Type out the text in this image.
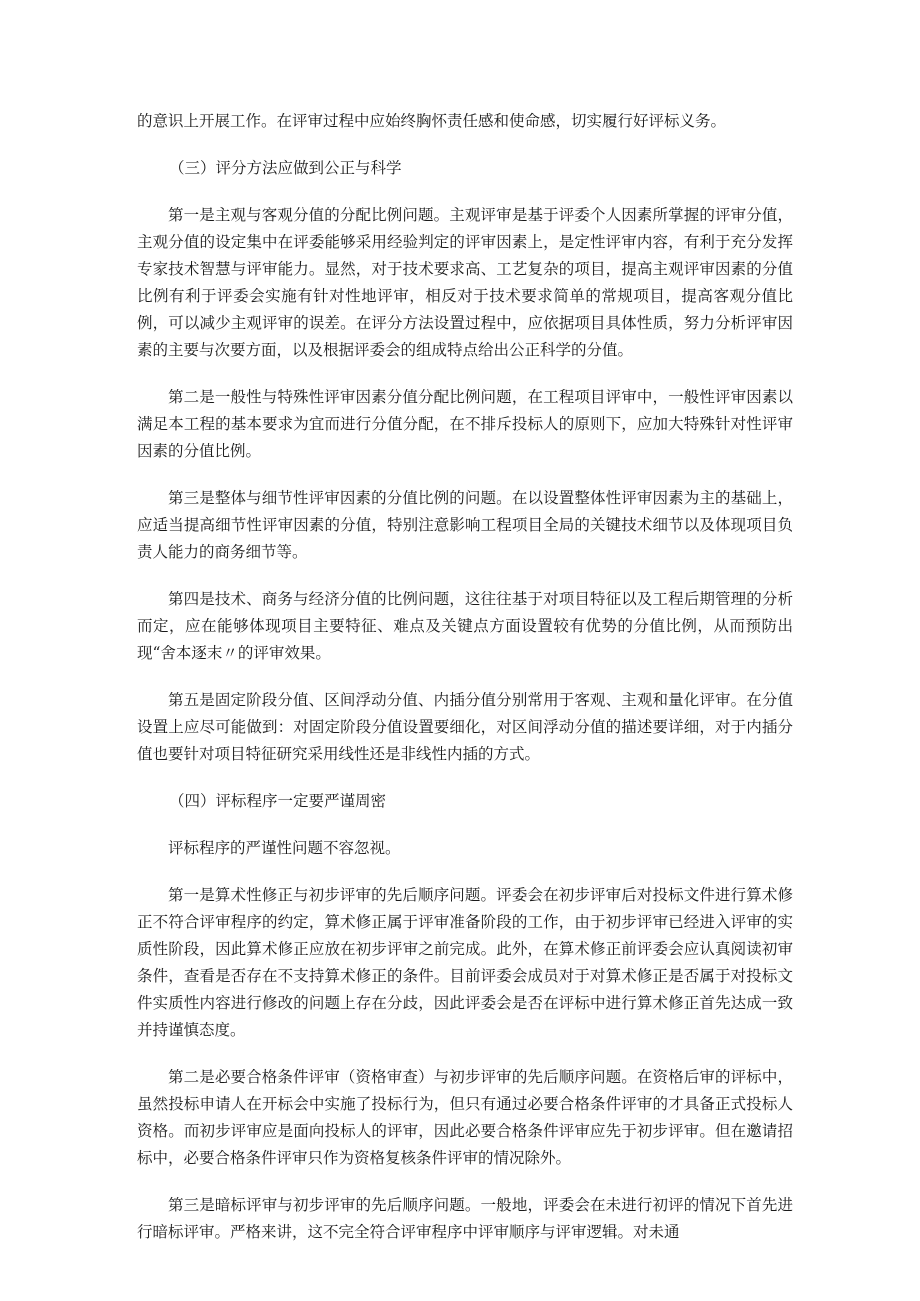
的意识上开展工作。在评审过程中应始终胸怀责任感和使命感，切实履行好评标义务。

（三）评分方法应做到公正与科学

第一是主观与客观分值的分配比例问题。主观评审是基于评委个人因素所掌握的评审分值，主观分值的设定集中在评委能够采用经验判定的评审因素上，是定性评审内容，有利于充分发挥专家技术智慧与评审能力。显然，对于技术要求高、工艺复杂的项目，提高主观评审因素的分值比例有利于评委会实施有针对性地评审，相反对于技术要求简单的常规项目，提高客观分值比例，可以减少主观评审的误差。在评分方法设置过程中，应依据项目具体性质，努力分析评审因素的主要与次要方面，以及根据评委会的组成特点给出公正科学的分值。

第二是一般性与特殊性评审因素分值分配比例问题，在工程项目评审中，一般性评审因素以满足本工程的基本要求为宜而进行分值分配，在不排斥投标人的原则下，应加大特殊针对性评审因素的分值比例。

第三是整体与细节性评审因素的分值比例的问题。在以设置整体性评审因素为主的基础上，应适当提高细节性评审因素的分值，特别注意影响工程项目全局的关键技术细节以及体现项目负责人能力的商务细节等。

第四是技术、商务与经济分值的比例问题，这往往基于对项目特征以及工程后期管理的分析而定，应在能够体现项目主要特征、难点及关键点方面设置较有优势的分值比例，从而预防出现“舍本逐末〃的评审效果。

第五是固定阶段分值、区间浮动分值、内插分值分别常用于客观、主观和量化评审。在分值设置上应尽可能做到：对固定阶段分值设置要细化，对区间浮动分值的描述要详细，对于内插分值也要针对项目特征研究采用线性还是非线性内插的方式。

（四）评标程序一定要严谨周密

评标程序的严谨性问题不容忽视。

第一是算术性修正与初步评审的先后顺序问题。评委会在初步评审后对投标文件进行算术修正不符合评审程序的约定，算术修正属于评审准备阶段的工作，由于初步评审已经进入评审的实质性阶段，因此算术修正应放在初步评审之前完成。此外，在算术修正前评委会应认真阅读初审条件，查看是否存在不支持算术修正的条件。目前评委会成员对于对算术修正是否属于对投标文件实质性内容进行修改的问题上存在分歧，因此评委会是否在评标中进行算术修正首先达成一致并持谨慎态度。

第二是必要合格条件评审（资格审查）与初步评审的先后顺序问题。在资格后审的评标中，虽然投标申请人在开标会中实施了投标行为，但只有通过必要合格条件评审的才具备正式投标人资格。而初步评审应是面向投标人的评审，因此必要合格条件评审应先于初步评审。但在邀请招标中，必要合格条件评审只作为资格复核条件评审的情况除外。

第三是暗标评审与初步评审的先后顺序问题。一般地，评委会在未进行初评的情况下首先进行暗标评审。严格来讲，这不完全符合评审程序中评审顺序与评审逻辑。对未通
